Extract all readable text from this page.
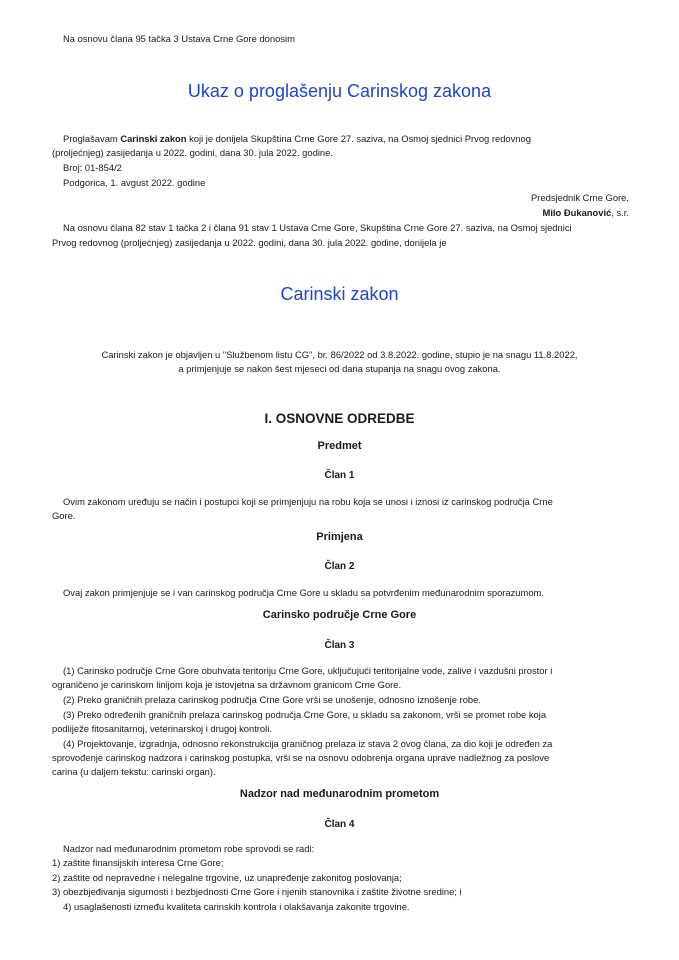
Na osnovu člana 95 tačka 3 Ustava Crne Gore donosim
Ukaz o proglašenju Carinskog zakona
Proglašavam Carinski zakon koji je donijela Skupština Crne Gore 27. saziva, na Osmoj sjednici Prvog redovnog
(proljećnjeg) zasijedanja u 2022. godini, dana 30. jula 2022. godine.
Broj: 01-854/2
Podgorica, 1. avgust 2022. godine
Predsjednik Crne Gore,
Milo Đukanović, s.r.
Na osnovu člana 82 stav 1 tačka 2 i člana 91 stav 1 Ustava Crne Gore, Skupština Crne Gore 27. saziva, na Osmoj sjednici
Prvog redovnog (proljećnjeg) zasijedanja u 2022. godini, dana 30. jula 2022. godine, donijela je
Carinski zakon
Carinski zakon je objavljen u "Službenom listu CG", br. 86/2022 od 3.8.2022. godine, stupio je na snagu 11.8.2022,
a primjenjuje se nakon šest mjeseci od dana stupanja na snagu ovog zakona.
I. OSNOVNE ODREDBE
Predmet
Član 1
Ovim zakonom uređuju se način i postupci koji se primjenjuju na robu koja se unosi i iznosi iz carinskog područja Crne
Gore.
Primjena
Član 2
Ovaj zakon primjenjuje se i van carinskog područja Crne Gore u skladu sa potvrđenim međunarodnim sporazumom.
Carinsko područje Crne Gore
Član 3
(1) Carinsko područje Crne Gore obuhvata teritoriju Crne Gore, uključujući teritorijalne vode, zalive i vazdušni prostor i
ograničeno je carinskom linijom koja je istovjetna sa državnom granicom Crne Gore.
(2) Preko graničnih prelaza carinskog područja Crne Gore vrši se unošenje, odnosno iznošenje robe.
(3) Preko određenih graničnih prelaza carinskog područja Crne Gore, u skladu sa zakonom, vrši se promet robe koja
podliježe fitosanitarnoj, veterinarskoj i drugoj kontroli.
(4) Projektovanje, izgradnja, odnosno rekonstrukcija graničnog prelaza iz stava 2 ovog člana, za dio koji je određen za
sprovođenje carinskog nadzora i carinskog postupka, vrši se na osnovu odobrenja organa uprave nadležnog za poslove
carina (u daljem tekstu: carinski organ).
Nadzor nad međunarodnim prometom
Član 4
Nadzor nad međunarodnim prometom robe sprovodi se radi:
1) zaštite finansijskih interesa Crne Gore;
2) zaštite od nepravedne i nelegalne trgovine, uz unapređenje zakonitog poslovanja;
3) obezbjeđivanja sigurnosti i bezbjednosti Crne Gore i njenih stanovnika i zaštite životne sredine; i
4) usaglašenosti između kvaliteta carinskih kontrola i olakšavanja zakonite trgovine.
